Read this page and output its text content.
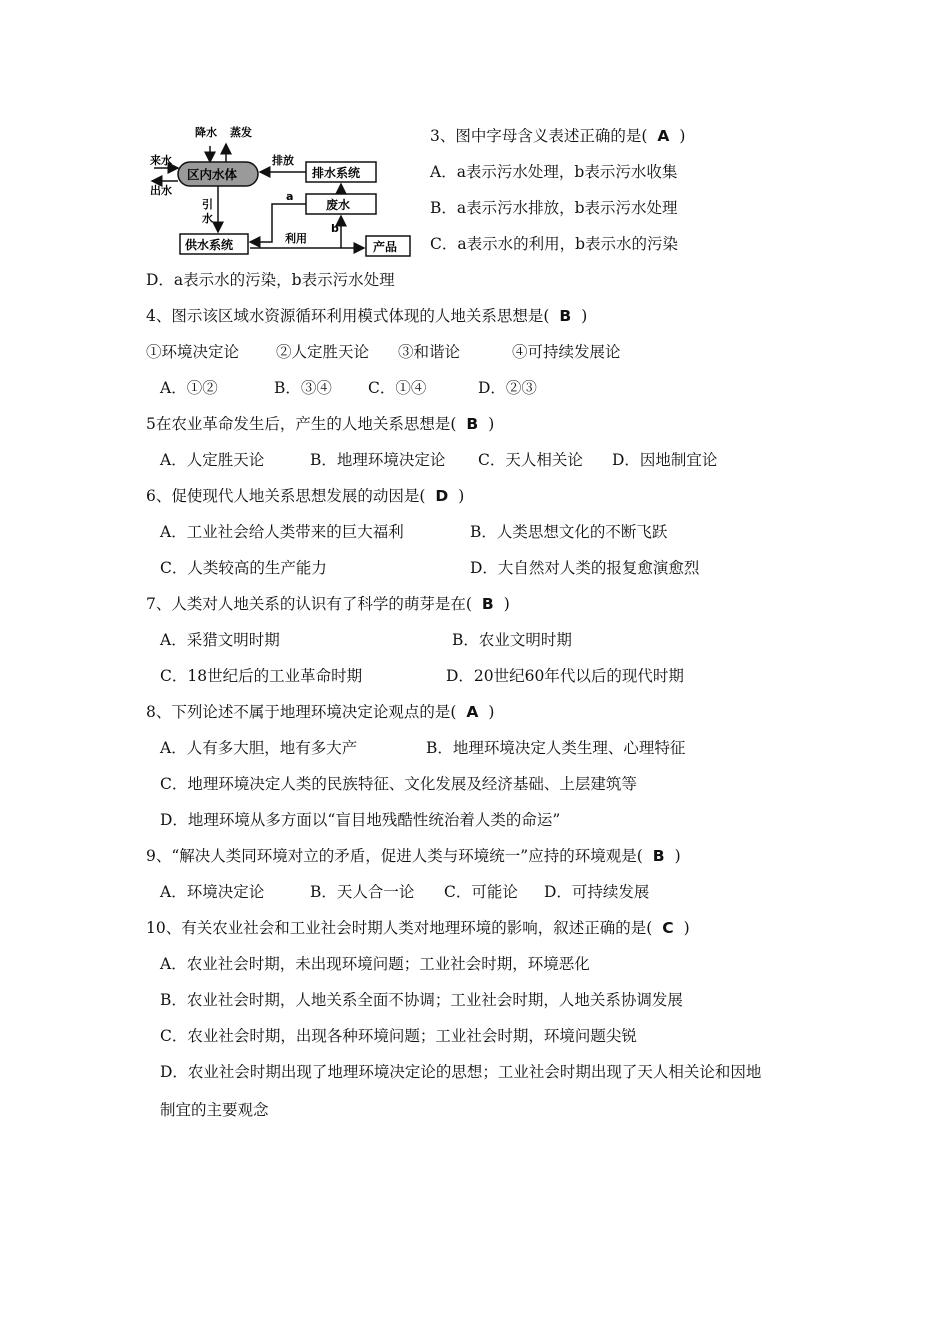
降水 蒸发
区内水体
来水
出水
排水系统
排放
废水
a
供水系统
引
水
产品
利用
b
3、图中字母含义表述正确的是( A )
A．a表示污水处理，b表示污水收集
B．a表示污水排放，b表示污水处理
C．a表示水的利用，b表示水的污染
D．a表示水的污染，b表示污水处理
4、图示该区域水资源循环利用模式体现的人地关系思想是( B )
①环境决定论 ②人定胜天论 ③和谐论	④可持续发展论
A．①②	B．③④ C．①④	D．②③
5在农业革命发生后，产生的人地关系思想是( B )
A．人定胜天论	B．地理环境决定论 C．天人相关论 D．因地制宜论
6、促使现代人地关系思想发展的动因是( D )
A．工业社会给人类带来的巨大福利	B．人类思想文化的不断飞跃
C．人类较高的生产能力	D．大自然对人类的报复愈演愈烈
7、人类对人地关系的认识有了科学的萌芽是在( B )
A．采猎文明时期	B．农业文明时期
C．18世纪后的工业革命时期	D．20世纪60年代以后的现代时期
8、下列论述不属于地理环境决定论观点的是( A )
A．人有多大胆，地有多大产	B．地理环境决定人类生理、心理特征
C．地理环境决定人类的民族特征、文化发展及经济基础、上层建筑等
D．地理环境从多方面以“盲目地残酷性统治着人类的命运”
9、“解决人类同环境对立的矛盾，促进人类与环境统一”应持的环境观是( B )
A．环境决定论	B．天人合一论 C．可能论 D．可持续发展
10、有关农业社会和工业社会时期人类对地理环境的影响，叙述正确的是( C )
A．农业社会时期，未出现环境问题；工业社会时期，环境恶化
B．农业社会时期，人地关系全面不协调；工业社会时期，人地关系协调发展
C．农业社会时期，出现各种环境问题；工业社会时期，环境问题尖锐
D．农业社会时期出现了地理环境决定论的思想；工业社会时期出现了天人相关论和因地
制宜的主要观念
